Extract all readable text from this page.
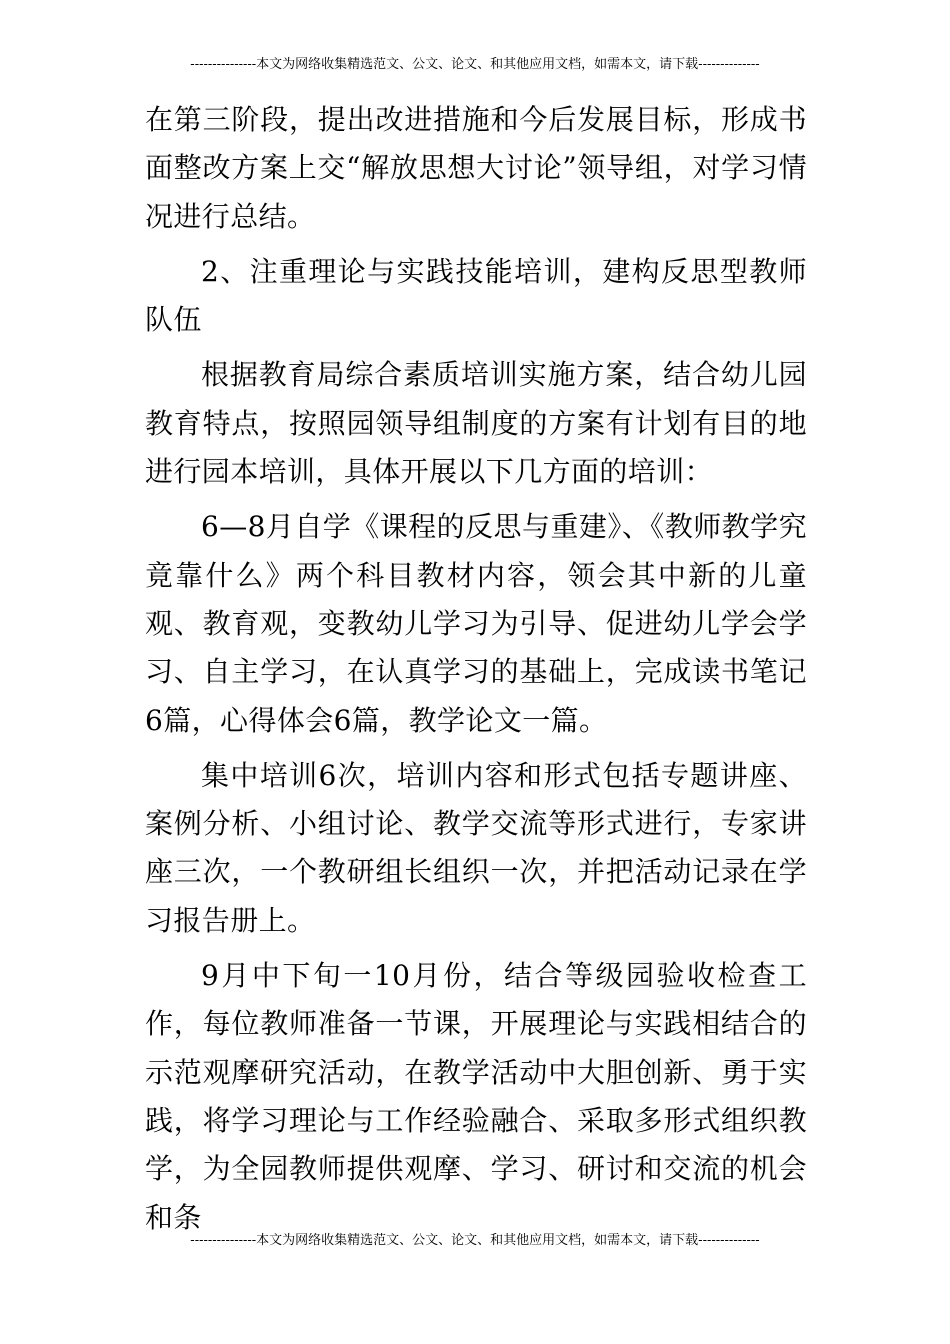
---------------本文为网络收集精选范文、公文、论文、和其他应用文档，如需本文，请下载--------------

在第三阶段，提出改进措施和今后发展目标，形成书面整改方案上交“解放思想大讨论”领导组，对学习情况进行总结。

2、注重理论与实践技能培训，建构反思型教师队伍

根据教育局综合素质培训实施方案，结合幼儿园教育特点，按照园领导组制度的方案有计划有目的地进行园本培训，具体开展以下几方面的培训：

6—8月自学《课程的反思与重建》、《教师教学究竟靠什么》两个科目教材内容，领会其中新的儿童观、教育观，变教幼儿学习为引导、促进幼儿学会学习、自主学习，在认真学习的基础上，完成读书笔记6篇，心得体会6篇，教学论文一篇。

集中培训6次，培训内容和形式包括专题讲座、案例分析、小组讨论、教学交流等形式进行，专家讲座三次，一个教研组长组织一次，并把活动记录在学习报告册上。

9月中下旬一10月份，结合等级园验收检查工作，每位教师准备一节课，开展理论与实践相结合的示范观摩研究活动，在教学活动中大胆创新、勇于实践，将学习理论与工作经验融合、采取多形式组织教学，为全园教师提供观摩、学习、研讨和交流的机会和条

---------------本文为网络收集精选范文、公文、论文、和其他应用文档，如需本文，请下载--------------
